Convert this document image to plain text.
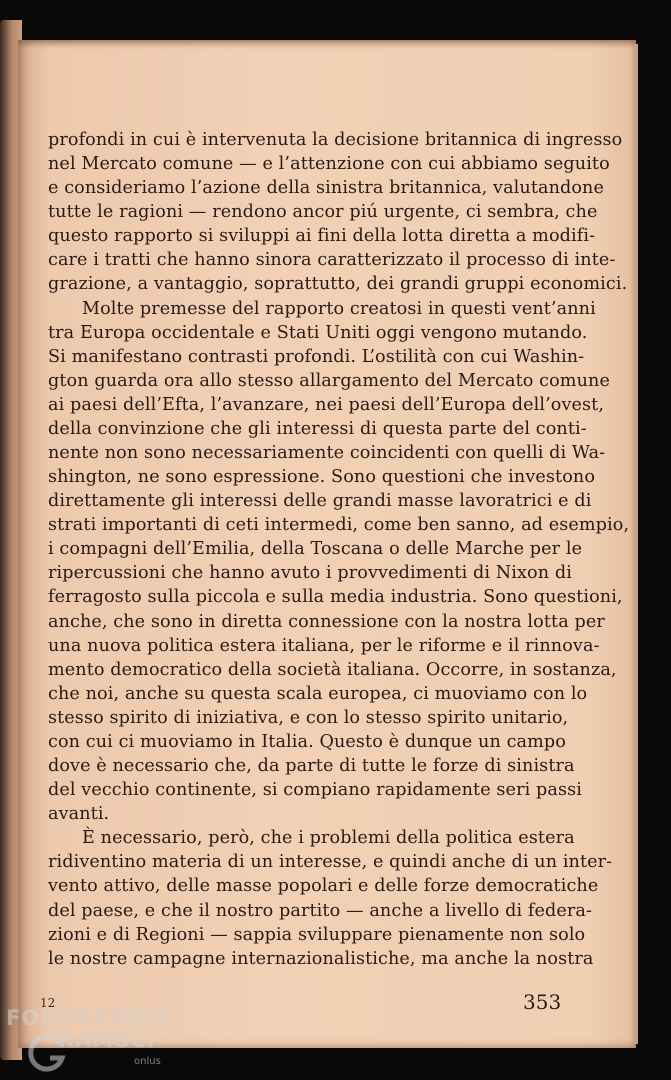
profondi in cui è intervenuta la decisione britannica di ingresso
nel Mercato comune — e l’attenzione con cui abbiamo seguito
e consideriamo l’azione della sinistra britannica, valutandone
tutte le ragioni — rendono ancor piú urgente, ci sembra, che
questo rapporto si sviluppi ai fini della lotta diretta a modifi-
care i tratti che hanno sinora caratterizzato il processo di inte-
grazione, a vantaggio, soprattutto, dei grandi gruppi economici.
Molte premesse del rapporto creatosi in questi vent’anni
tra Europa occidentale e Stati Uniti oggi vengono mutando.
Si manifestano contrasti profondi. L’ostilità con cui Washin-
gton guarda ora allo stesso allargamento del Mercato comune
ai paesi dell’Efta, l’avanzare, nei paesi dell’Europa dell’ovest,
della convinzione che gli interessi di questa parte del conti-
nente non sono necessariamente coincidenti con quelli di Wa-
shington, ne sono espressione. Sono questioni che investono
direttamente gli interessi delle grandi masse lavoratrici e di
strati importanti di ceti intermedi, come ben sanno, ad esempio,
i compagni dell’Emilia, della Toscana o delle Marche per le
ripercussioni che hanno avuto i provvedimenti di Nixon di
ferragosto sulla piccola e sulla media industria. Sono questioni,
anche, che sono in diretta connessione con la nostra lotta per
una nuova politica estera italiana, per le riforme e il rinnova-
mento democratico della società italiana. Occorre, in sostanza,
che noi, anche su questa scala europea, ci muoviamo con lo
stesso spirito di iniziativa, e con lo stesso spirito unitario,
con cui ci muoviamo in Italia. Questo è dunque un campo
dove è necessario che, da parte di tutte le forze di sinistra
del vecchio continente, si compiano rapidamente seri passi
avanti.
È necessario, però, che i problemi della politica estera
ridiventino materia di un interesse, e quindi anche di un inter-
vento attivo, delle masse popolari e delle forze democratiche
del paese, e che il nostro partito — anche a livello di federa-
zioni e di Regioni — sappia sviluppare pienamente non solo
le nostre campagne internazionalistiche, ma anche la nostra
12	353
FONDAZIONE
RAMSCI
onlus
